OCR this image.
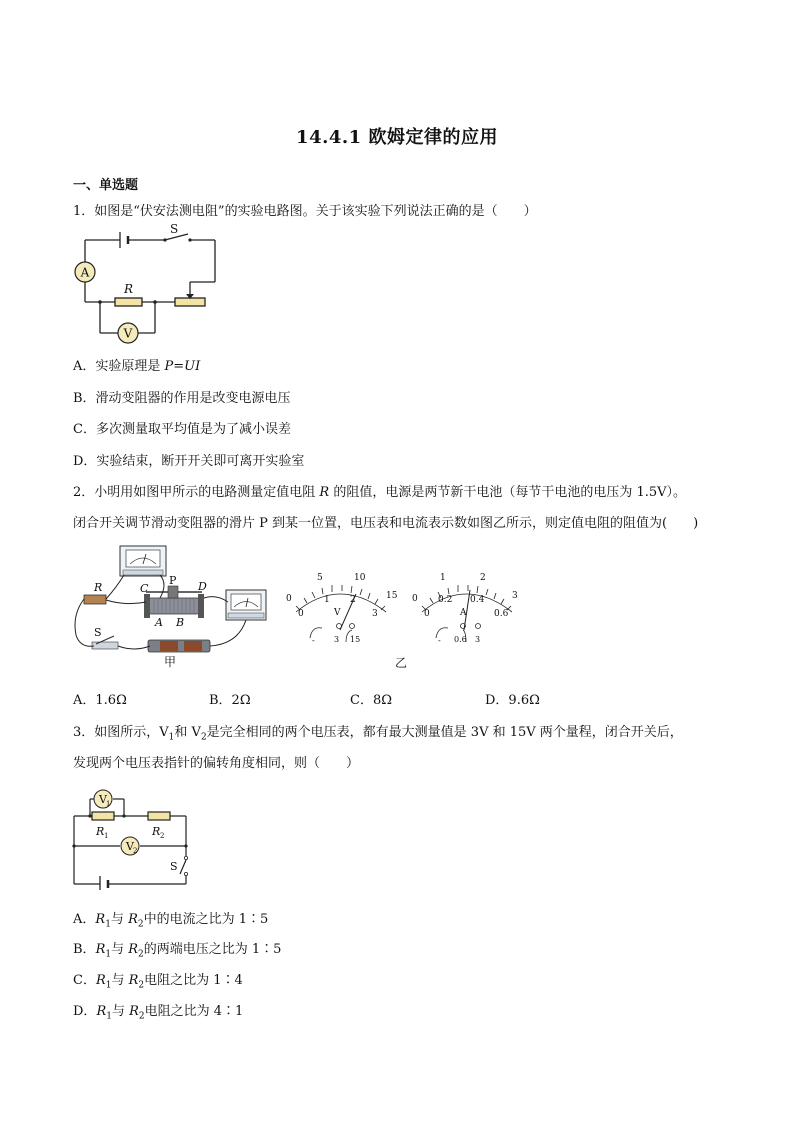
14.4.1 欧姆定律的应用
一、单选题
1．如图是“伏安法测电阻”的实验电路图。关于该实验下列说法正确的是（　　）
A
V
S
R
A．实验原理是 P=UI
B．滑动变阻器的作用是改变电源电压
C．多次测量取平均值是为了减小误差
D．实验结束，断开开关即可离开实验室
2．小明用如图甲所示的电路测量定值电阻 R 的阻值，电源是两节新干电池（每节干电池的电压为 1.5V）。
闭合开关调节滑动变阻器的滑片 P 到某一位置，电压表和电流表示数如图乙所示，则定值电阻的阻值为(　　)
R	C
P D
A B
S
甲
0
5	10
15
1 2
3
0	V
- 3 15
0
1	2
3
0.2 0.4
0.6
0	A
- 0.6 3
乙
A．1.6Ω	B．2Ω	C．8Ω	D．9.6Ω
3．如图所示，$V_1$和 $V_2$是完全相同的两个电压表，都有最大测量值是 3V 和 15V 两个量程，闭合开关后，
发现两个电压表指针的偏转角度相同，则（　　）
V 1
V 2
R 1	R 2
S
A．$R_1$与 $R_2$中的电流之比为 1∶5
B．$R_1$与 $R_2$的两端电压之比为 1∶5
C．$R_1$与 $R_2$电阻之比为 1∶4
D．$R_1$与 $R_2$电阻之比为 4∶1
